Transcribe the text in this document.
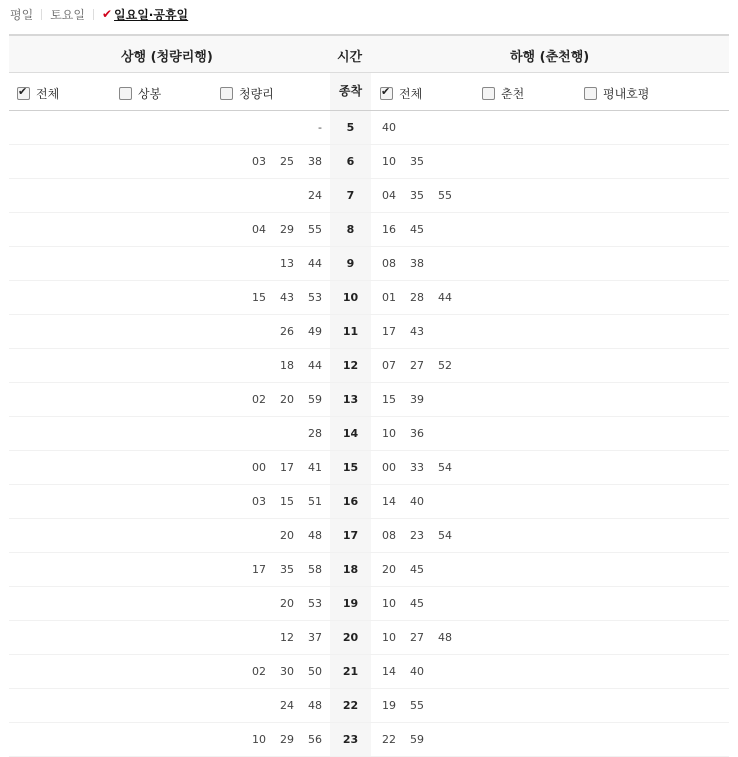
평일 토요일 ✔ 일요일·공휴일
상행 (청량리행)	시간	하행 (춘천행)
✔
전체	상봉	청량리	종착
✔	전체	춘천	평내호평
-	5	40
03 25 38	6	10 35
24	7	04 35 55
04 29 55	8	16 45
13 44	9	08 38
15 43 53	10	01 28 44
26 49	11	17 43
18 44	12	07 27 52
02 20 59	13	15 39
28	14	10 36
00 17 41	15	00 33 54
03 15 51	16	14 40
20 48	17	08 23 54
17 35 58	18	20 45
20 53	19	10 45
12 37	20	10 27 48
02 30 50	21	14 40
24 48	22	19 55
10 29 56	23	22 59
